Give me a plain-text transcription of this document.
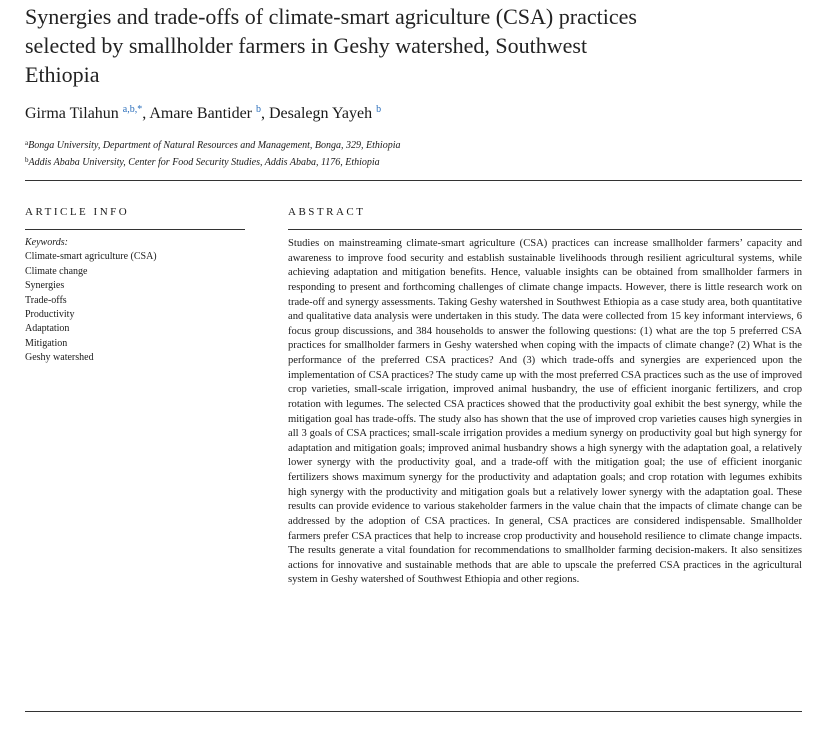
Synergies and trade-offs of climate-smart agriculture (CSA) practices selected by smallholder farmers in Geshy watershed, Southwest Ethiopia
Girma Tilahun $^{a,b,*}$, Amare Bantider $^b$, Desalegn Yayeh $^b$
$^a$Bonga University, Department of Natural Resources and Management, Bonga, 329, Ethiopia
$^b$Addis Ababa University, Center for Food Security Studies, Addis Ababa, 1176, Ethiopia
ARTICLE INFO	ABSTRACT
Keywords:
Climate-smart agriculture (CSA)
Climate change
Synergies
Trade-offs
Productivity
Adaptation
Mitigation
Geshy watershed
Studies on mainstreaming climate-smart agriculture (CSA) practices can increase smallholder farmers’ capacity and awareness to improve food security and establish sustainable livelihoods through resilient agricultural systems, while achieving adaptation and mitigation benefits. Hence, valuable insights can be obtained from smallholder farmers in responding to present and forthcoming challenges of climate change impacts. However, there is little research work on trade-off and synergy assessments. Taking Geshy watershed in Southwest Ethiopia as a case study area, both quantitative and qualitative data analysis were undertaken in this study. The data were collected from 15 key informant interviews, 6 focus group discussions, and 384 households to answer the following questions: (1) what are the top 5 preferred CSA practices for smallholder farmers in Geshy watershed when coping with the impacts of climate change? (2) What is the performance of the preferred CSA practices? And (3) which trade-offs and synergies are experienced upon the implementation of CSA practices? The study came up with the most preferred CSA practices such as the use of improved crop varieties, small-scale irrigation, improved animal husbandry, the use of efficient inorganic fertilizers, and crop rotation with legumes. The selected CSA practices showed that the productivity goal exhibit the best synergy, while the mitigation goal has trade-offs. The study also has shown that the use of improved crop varieties causes high synergies in all 3 goals of CSA practices; small-scale irrigation provides a medium synergy on productivity goal but high synergy for adaptation and mitigation goals; improved animal husbandry shows a high synergy with the adaptation goal, a relatively lower synergy with the productivity goal, and a trade-off with the mitigation goal; the use of efficient inorganic fertilizers shows maximum synergy for the productivity and adaptation goals; and crop rotation with legumes exhibits high synergy with the productivity and mitigation goals but a relatively lower synergy with the adaptation goal. These results can provide evidence to various stakeholder farmers in the value chain that the impacts of climate change can be addressed by the adoption of CSA practices. In general, CSA practices are considered indispensable. Smallholder farmers prefer CSA practices that help to increase crop productivity and household resilience to climate change impacts. The results generate a vital foundation for recommendations to smallholder farming decision-makers. It also sensitizes actions for innovative and sustainable methods that are able to upscale the preferred CSA practices in the agricultural system in Geshy watershed of Southwest Ethiopia and other regions.
